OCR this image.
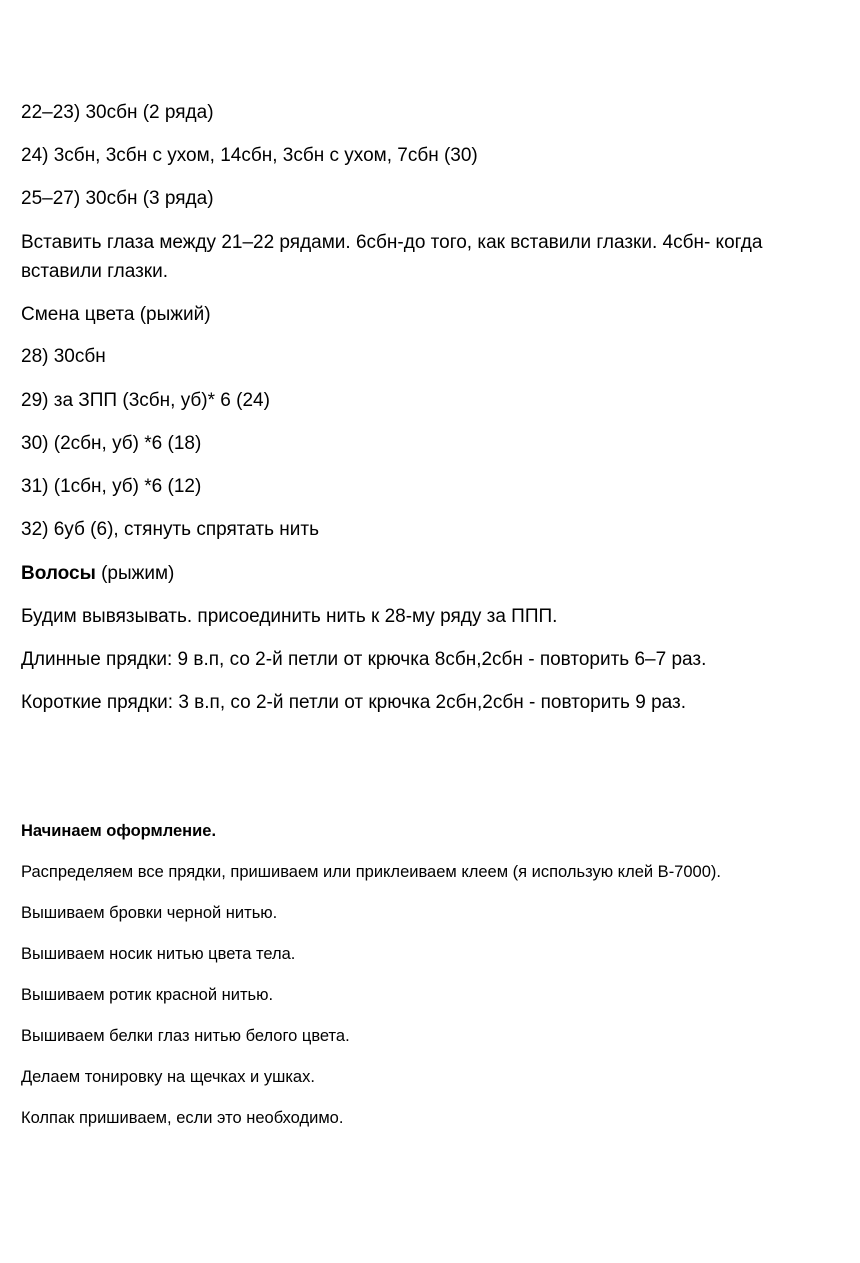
22–23) 30сбн (2 ряда)
24) 3сбн, 3сбн с ухом, 14сбн, 3сбн с ухом, 7сбн (30)
25–27) 30сбн (3 ряда)
Вставить глаза между 21–22 рядами. 6сбн-до того, как вставили глазки. 4сбн- когда вставили глазки.
Смена цвета (рыжий)
28) 30сбн
29) за ЗПП (3сбн, уб)* 6 (24)
30) (2сбн, уб) *6 (18)
31) (1сбн, уб) *6 (12)
32) 6уб (6), стянуть спрятать нить
Волосы (рыжим)
Будим вывязывать. присоединить нить к 28-му ряду за ППП.
Длинные прядки: 9 в.п, со 2-й петли от крючка 8сбн,2сбн - повторить 6–7 раз.
Короткие прядки: 3 в.п, со 2-й петли от крючка 2сбн,2сбн - повторить 9 раз.
Начинаем оформление.
Распределяем все прядки, пришиваем или приклеиваем клеем (я использую клей B-7000).
Вышиваем бровки черной нитью.
Вышиваем носик нитью цвета тела.
Вышиваем ротик красной нитью.
Вышиваем белки глаз нитью белого цвета.
Делаем тонировку на щечках и ушках.
Колпак пришиваем, если это необходимо.
